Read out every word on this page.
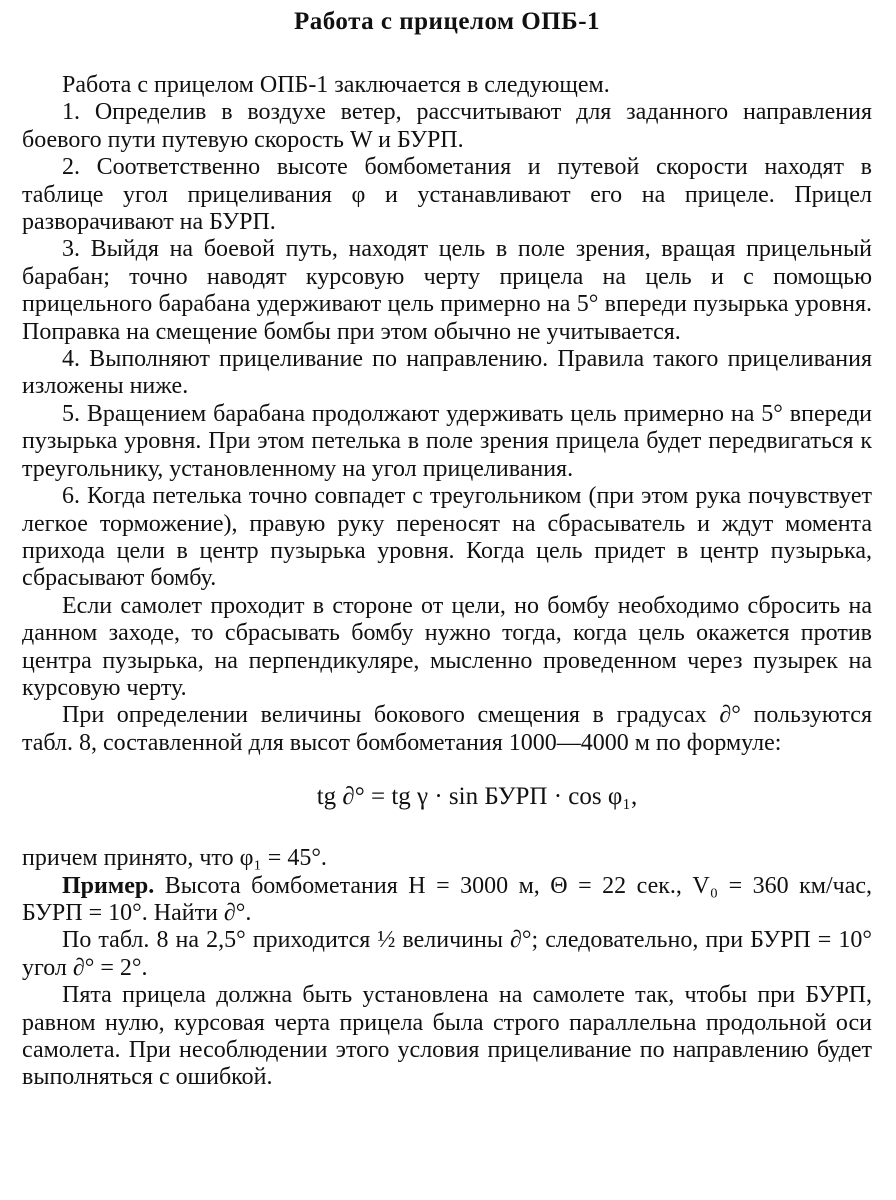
Работа с прицелом ОПБ-1

Работа с прицелом ОПБ-1 заключается в следующем.

1. Определив в воздухе ветер, рассчитывают для заданного направления боевого пути путевую скорость W и БУРП.

2. Соответственно высоте бомбометания и путевой скорости находят в таблице угол прицеливания φ и устанавливают его на прицеле. Прицел разворачивают на БУРП.

3. Выйдя на боевой путь, находят цель в поле зрения, вращая прицельный барабан; точно наводят курсовую черту прицела на цель и с помощью прицельного барабана удерживают цель примерно на 5° впереди пузырька уровня. Поправка на смещение бомбы при этом обычно не учитывается.

4. Выполняют прицеливание по направлению. Правила такого прицеливания изложены ниже.

5. Вращением барабана продолжают удерживать цель примерно на 5° впереди пузырька уровня. При этом петелька в поле зрения прицела будет передвигаться к треугольнику, установленному на угол прицеливания.

6. Когда петелька точно совпадет с треугольником (при этом рука почувствует легкое торможение), правую руку переносят на сбрасыватель и ждут момента прихода цели в центр пузырька уровня. Когда цель придет в центр пузырька, сбрасывают бомбу.

Если самолет проходит в стороне от цели, но бомбу необходимо сбросить на данном заходе, то сбрасывать бомбу нужно тогда, когда цель окажется против центра пузырька, на перпендикуляре, мысленно проведенном через пузырек на курсовую черту.

При определении величины бокового смещения в градусах ∂° пользуются табл. 8, составленной для высот бомбометания 1000—4000 м по формуле:

tg ∂° = tg γ · sin БУРП · cos φ₁,

причем принято, что φ₁ = 45°.

Пример. Высота бомбометания H = 3000 м, Θ = 22 сек., V₀ = 360 км/час, БУРП = 10°. Найти ∂°.

По табл. 8 на 2,5° приходится ½ величины ∂°; следовательно, при БУРП = 10° угол ∂° = 2°.

Пята прицела должна быть установлена на самолете так, чтобы при БУРП, равном нулю, курсовая черта прицела была строго параллельна продольной оси самолета. При несоблюдении этого условия прицеливание по направлению будет выполняться с ошибкой.
